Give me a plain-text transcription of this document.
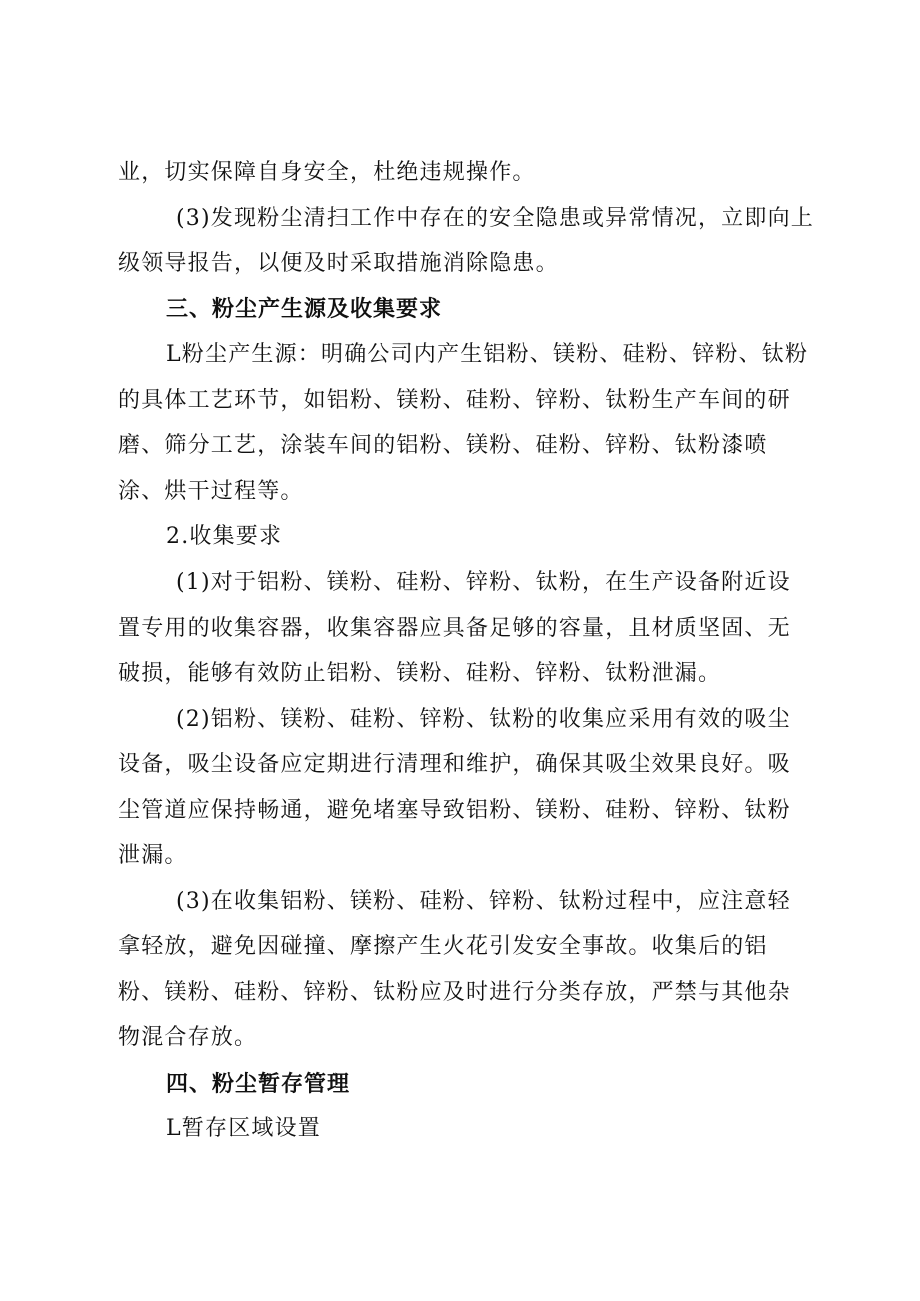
业，切实保障自身安全，杜绝违规操作。

(3)发现粉尘清扫工作中存在的安全隐患或异常情况，立即向上

级领导报告，以便及时采取措施消除隐患。

三、粉尘产生源及收集要求

L粉尘产生源：明确公司内产生铝粉、镁粉、硅粉、锌粉、钛粉

的具体工艺环节，如铝粉、镁粉、硅粉、锌粉、钛粉生产车间的研

磨、筛分工艺，涂装车间的铝粉、镁粉、硅粉、锌粉、钛粉漆喷

涂、烘干过程等。

2.收集要求

(1)对于铝粉、镁粉、硅粉、锌粉、钛粉，在生产设备附近设

置专用的收集容器，收集容器应具备足够的容量，且材质坚固、无

破损，能够有效防止铝粉、镁粉、硅粉、锌粉、钛粉泄漏。

(2)铝粉、镁粉、硅粉、锌粉、钛粉的收集应采用有效的吸尘

设备，吸尘设备应定期进行清理和维护，确保其吸尘效果良好。吸

尘管道应保持畅通，避免堵塞导致铝粉、镁粉、硅粉、锌粉、钛粉

泄漏。

(3)在收集铝粉、镁粉、硅粉、锌粉、钛粉过程中，应注意轻

拿轻放，避免因碰撞、摩擦产生火花引发安全事故。收集后的铝

粉、镁粉、硅粉、锌粉、钛粉应及时进行分类存放，严禁与其他杂

物混合存放。

四、粉尘暂存管理

L暂存区域设置
